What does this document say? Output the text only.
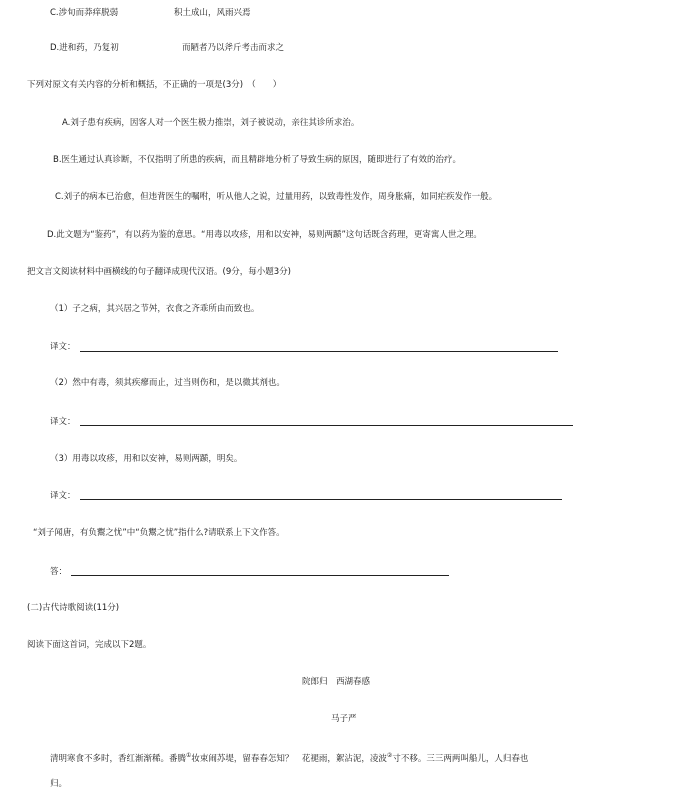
C.涉旬而莽痒脱弱	积土成山，风雨兴焉
D.进和药，乃复初	而陋者乃以斧斤考击而求之
下列对原文有关内容的分析和概括，不正确的一项是(3分)　（　　）
A.刘子患有疾病，因客人对一个医生极力推崇，刘子被说动，亲往其诊所求治。
B.医生通过认真诊断，不仅指明了所患的疾病，而且精辟地分析了导致生病的原因，随即进行了有效的治疗。
C.刘子的病本已治愈，但违背医生的嘱咐，听从他人之说，过量用药，以致毒性发作，周身胀痛，如同疟疾发作一般。
D.此文题为“鉴药”，有以药为鉴的意思。“用毒以攻疹，用和以安神，易则两踬”这句话既含药理，更寄寓人世之理。
把文言文阅读材料中画横线的句子翻译成现代汉语。(9分，每小题3分)
（1）子之病，其兴居之节舛，衣食之齐乖所由而致也。
译文：
（2）然中有毒，须其疾瘳而止，过当则伤和，是以微其剂也。
译文：
（3）用毒以攻疹，用和以安神，易则两踬，明矣。
译文：
“刘子闻唐，有负鬻之忧”中“负鬻之忧”指什么?请联系上下文作答。
答：
(二)古代诗歌阅读(11分)
阅读下面这首词，完成以下2题。
院郎归　西湖春感
马子严
清明寒食不多时，香红渐渐稀。番腾①妆束闹苏堤，留春春怎知？　花褪雨，絮沾泥，凌波②寸不移。三三两两叫船儿，人归春也
归。
